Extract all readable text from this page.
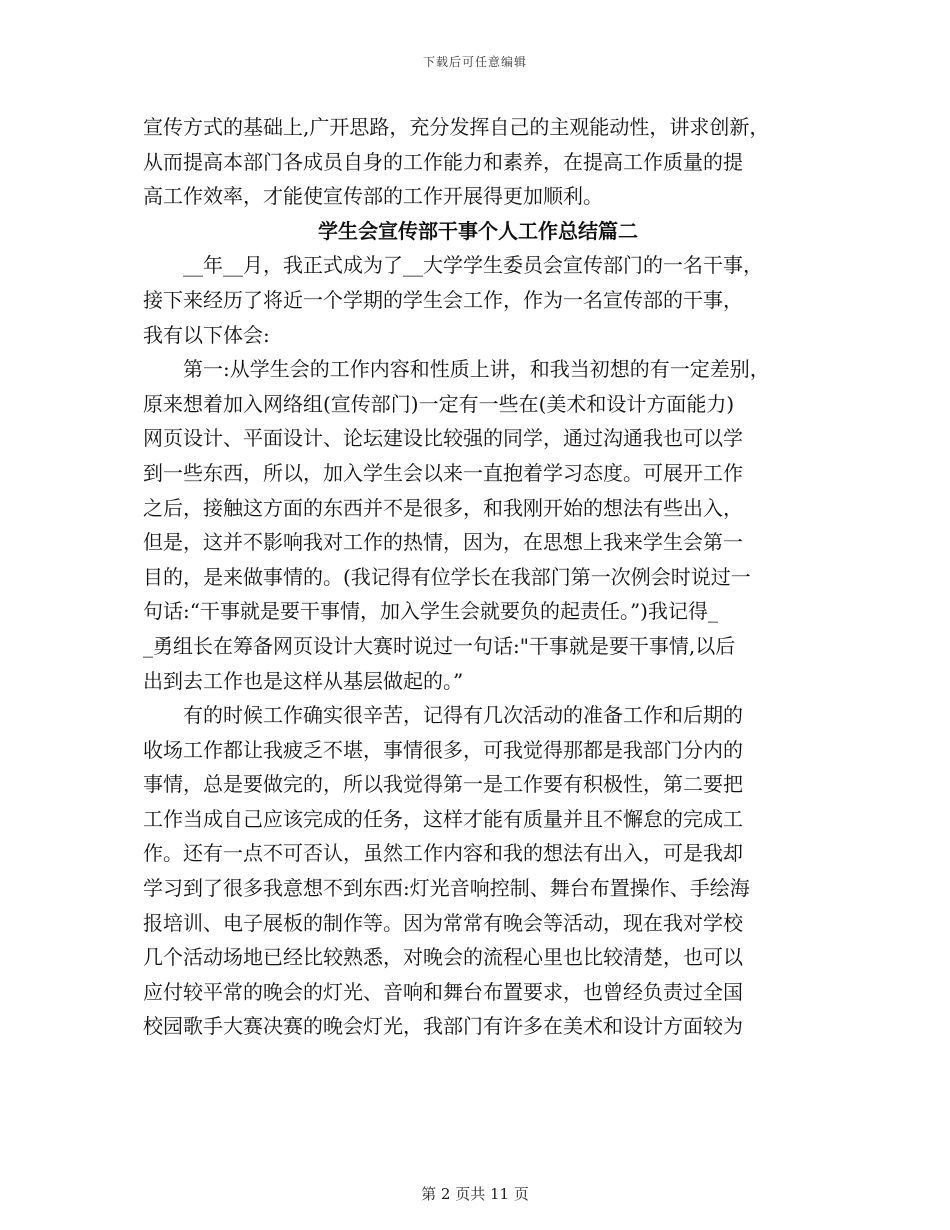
下载后可任意编辑
宣传方式的基础上,广开思路，充分发挥自己的主观能动性，讲求创新，
从而提高本部门各成员自身的工作能力和素养，在提高工作质量的提
高工作效率，才能使宣传部的工作开展得更加顺利。
学生会宣传部干事个人工作总结篇二
__年__月，我正式成为了__大学学生委员会宣传部门的一名干事，
接下来经历了将近一个学期的学生会工作，作为一名宣传部的干事，
我有以下体会:
第一:从学生会的工作内容和性质上讲，和我当初想的有一定差别，
原来想着加入网络组(宣传部门)一定有一些在(美术和设计方面能力)
网页设计、平面设计、论坛建设比较强的同学，通过沟通我也可以学
到一些东西，所以，加入学生会以来一直抱着学习态度。可展开工作
之后，接触这方面的东西并不是很多，和我刚开始的想法有些出入，
但是，这并不影响我对工作的热情，因为，在思想上我来学生会第一
目的，是来做事情的。(我记得有位学长在我部门第一次例会时说过一
句话:“干事就是要干事情，加入学生会就要负的起责任。”)我记得_
_勇组长在筹备网页设计大赛时说过一句话:"干事就是要干事情,以后
出到去工作也是这样从基层做起的。”
有的时候工作确实很辛苦，记得有几次活动的准备工作和后期的
收场工作都让我疲乏不堪，事情很多，可我觉得那都是我部门分内的
事情，总是要做完的，所以我觉得第一是工作要有积极性，第二要把
工作当成自己应该完成的任务，这样才能有质量并且不懈怠的完成工
作。还有一点不可否认，虽然工作内容和我的想法有出入，可是我却
学习到了很多我意想不到东西:灯光音响控制、舞台布置操作、手绘海
报培训、电子展板的制作等。因为常常有晚会等活动，现在我对学校
几个活动场地已经比较熟悉，对晚会的流程心里也比较清楚，也可以
应付较平常的晚会的灯光、音响和舞台布置要求，也曾经负责过全国
校园歌手大赛决赛的晚会灯光，我部门有许多在美术和设计方面较为
第 2 页共 11 页
